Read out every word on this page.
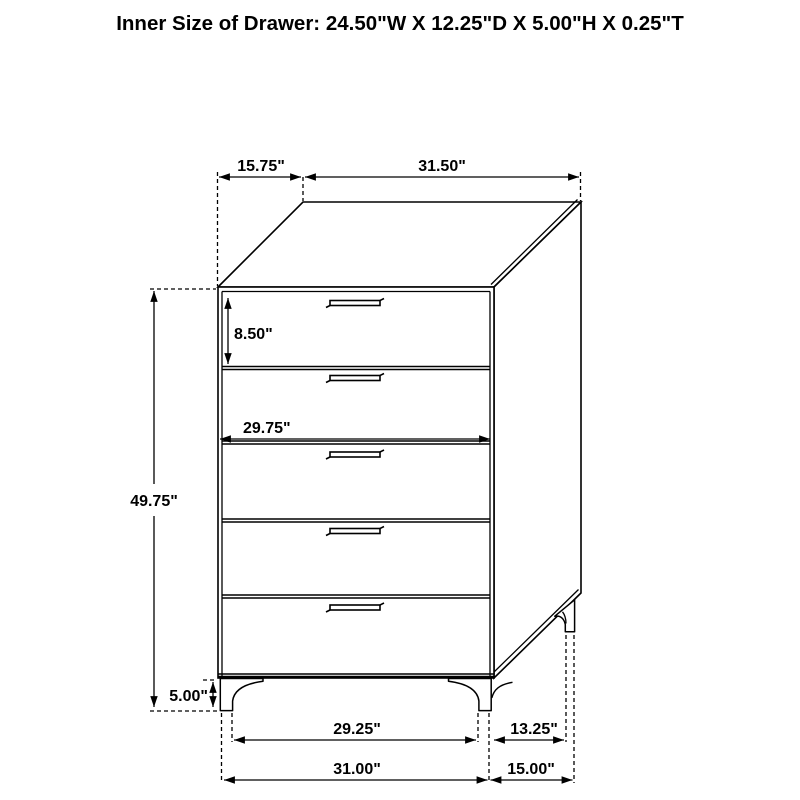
Inner Size of Drawer: 24.50"W X 12.25"D X 5.00"H X 0.25"T
15.75"	31.50"
49.75"
8.50"
29.75"
5.00"
29.25"	13.25"
31.00"	15.00"
